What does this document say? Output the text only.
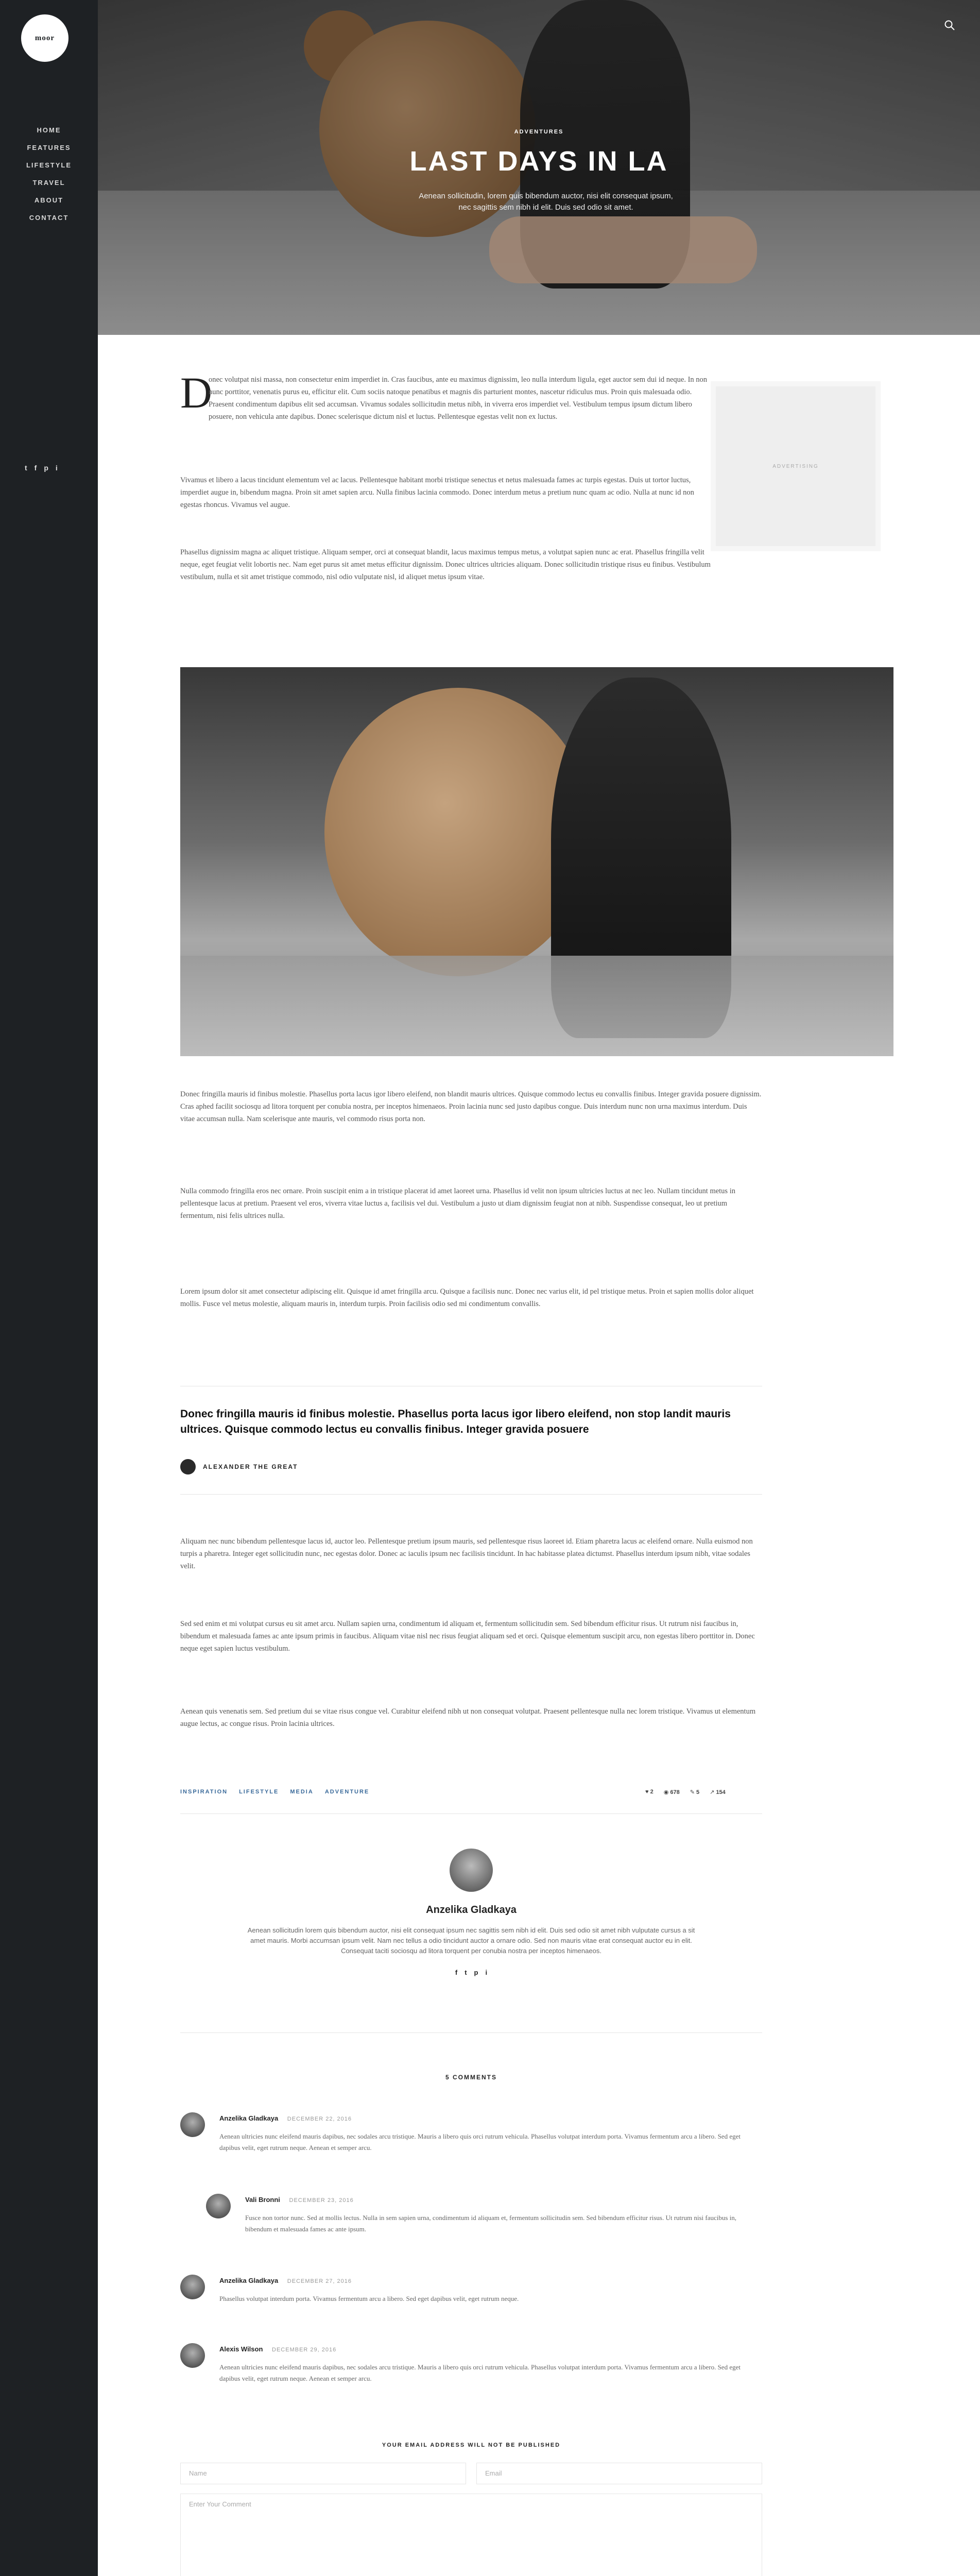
moor
HOME
FEATURES
LIFESTYLE
TRAVEL
ABOUT
CONTACT
t f p i
ADVENTURES
LAST DAYS IN LA

Aenean sollicitudin, lorem quis bibendum auctor, nisi elit consequat ipsum, nec sagittis sem nibh id elit. Duis sed odio sit amet.

D

onec volutpat nisi massa, non consectetur enim imperdiet in. Cras faucibus, ante eu maximus dignissim, leo nulla interdum ligula, eget auctor sem dui id neque. In non nunc porttitor, venenatis purus eu, efficitur elit. Cum sociis natoque penatibus et magnis dis parturient montes, nascetur ridiculus mus. Proin quis malesuada odio. Praesent condimentum dapibus elit sed accumsan. Vivamus sodales sollicitudin metus nibh, in viverra eros imperdiet vel. Vestibulum tempus ipsum dictum libero posuere, non vehicula ante dapibus. Donec scelerisque dictum nisl et luctus. Pellentesque egestas velit non ex luctus.

Vivamus et libero a lacus tincidunt elementum vel ac lacus. Pellentesque habitant morbi tristique senectus et netus malesuada fames ac turpis egestas. Duis ut tortor luctus, imperdiet augue in, bibendum magna. Proin sit amet sapien arcu. Nulla finibus lacinia commodo. Donec interdum metus a pretium nunc quam ac odio. Nulla at nunc id non egestas rhoncus. Vivamus vel augue.

Phasellus dignissim magna ac aliquet tristique. Aliquam semper, orci at consequat blandit, lacus maximus tempus metus, a volutpat sapien nunc ac erat. Phasellus fringilla velit neque, eget feugiat velit lobortis nec. Nam eget purus sit amet metus efficitur dignissim. Donec ultrices ultricies aliquam. Donec sollicitudin tristique risus eu finibus. Vestibulum vestibulum, nulla et sit amet tristique commodo, nisl odio vulputate nisl, id aliquet metus ipsum vitae.

ADVERTISING

Donec fringilla mauris id finibus molestie. Phasellus porta lacus igor libero eleifend, non blandit mauris ultrices. Quisque commodo lectus eu convallis finibus. Integer gravida posuere dignissim. Cras aphed facilit sociosqu ad litora torquent per conubia nostra, per inceptos himenaeos. Proin lacinia nunc sed justo dapibus congue. Duis interdum nunc non urna maximus interdum. Duis vitae accumsan nulla. Nam scelerisque ante mauris, vel commodo risus porta non.

Nulla commodo fringilla eros nec ornare. Proin suscipit enim a in tristique placerat id amet laoreet urna. Phasellus id velit non ipsum ultricies luctus at nec leo. Nullam tincidunt metus in pellentesque lacus at pretium. Praesent vel eros, viverra vitae luctus a, facilisis vel dui. Vestibulum a justo ut diam dignissim feugiat non at nibh. Suspendisse consequat, leo ut pretium fermentum, nisi felis ultrices nulla.

Lorem ipsum dolor sit amet consectetur adipiscing elit. Quisque id amet fringilla arcu. Quisque a facilisis nunc. Donec nec varius elit, id pel tristique metus. Proin et sapien mollis dolor aliquet mollis. Fusce vel metus molestie, aliquam mauris in, interdum turpis. Proin facilisis odio sed mi condimentum convallis.

Donec fringilla mauris id finibus molestie. Phasellus porta lacus igor libero eleifend, non stop landit mauris ultrices. Quisque commodo lectus eu convallis finibus. Integer gravida posuere
ALEXANDER THE GREAT

Aliquam nec nunc bibendum pellentesque lacus id, auctor leo. Pellentesque pretium ipsum mauris, sed pellentesque risus laoreet id. Etiam pharetra lacus ac eleifend ornare. Nulla euismod non turpis a pharetra. Integer eget sollicitudin nunc, nec egestas dolor. Donec ac iaculis ipsum nec facilisis tincidunt. In hac habitasse platea dictumst. Phasellus interdum ipsum nibh, vitae sodales velit.

Sed sed enim et mi volutpat cursus eu sit amet arcu. Nullam sapien urna, condimentum id aliquam et, fermentum sollicitudin sem. Sed bibendum efficitur risus. Ut rutrum nisi faucibus in, bibendum et malesuada fames ac ante ipsum primis in faucibus. Aliquam vitae nisl nec risus feugiat aliquam sed et orci. Quisque elementum suscipit arcu, non egestas libero porttitor in. Donec neque eget sapien luctus vestibulum.

Aenean quis venenatis sem. Sed pretium dui se vitae risus congue vel. Curabitur eleifend nibh ut non consequat volutpat. Praesent pellentesque nulla nec lorem tristique. Vivamus ut elementum augue lectus, ac congue risus. Proin lacinia ultrices.

INSPIRATION LIFESTYLE MEDIA ADVENTURE	♥ 2 ◉ 678 ✎ 5 ↗ 154
Anzelika Gladkaya

Aenean sollicitudin lorem quis bibendum auctor, nisi elit consequat ipsum nec sagittis sem nibh id elit. Duis sed odio sit amet nibh vulputate cursus a sit amet mauris. Morbi accumsan ipsum velit. Nam nec tellus a odio tincidunt auctor a ornare odio. Sed non mauris vitae erat consequat auctor eu in elit. Consequat taciti sociosqu ad litora torquent per conubia nostra per inceptos himenaeos.

f t p i
5 COMMENTS
Anzelika Gladkaya DECEMBER 22, 2016

Aenean ultricies nunc eleifend mauris dapibus, nec sodales arcu tristique. Mauris a libero quis orci rutrum vehicula. Phasellus volutpat interdum porta. Vivamus fermentum arcu a libero. Sed eget dapibus velit, eget rutrum neque. Aenean et semper arcu.

Vali Bronni DECEMBER 23, 2016

Fusce non tortor nunc. Sed at mollis lectus. Nulla in sem sapien urna, condimentum id aliquam et, fermentum sollicitudin sem. Sed bibendum efficitur risus. Ut rutrum nisi faucibus in, bibendum et malesuada fames ac ante ipsum.

Anzelika Gladkaya DECEMBER 27, 2016

Phasellus volutpat interdum porta. Vivamus fermentum arcu a libero. Sed eget dapibus velit, eget rutrum neque.

Alexis Wilson DECEMBER 29, 2016

Aenean ultricies nunc eleifend mauris dapibus, nec sodales arcu tristique. Mauris a libero quis orci rutrum vehicula. Phasellus volutpat interdum porta. Vivamus fermentum arcu a libero. Sed eget dapibus velit, eget rutrum neque. Aenean et semper arcu.

YOUR EMAIL ADDRESS WILL NOT BE PUBLISHED
Name	Email
Enter Your Comment
